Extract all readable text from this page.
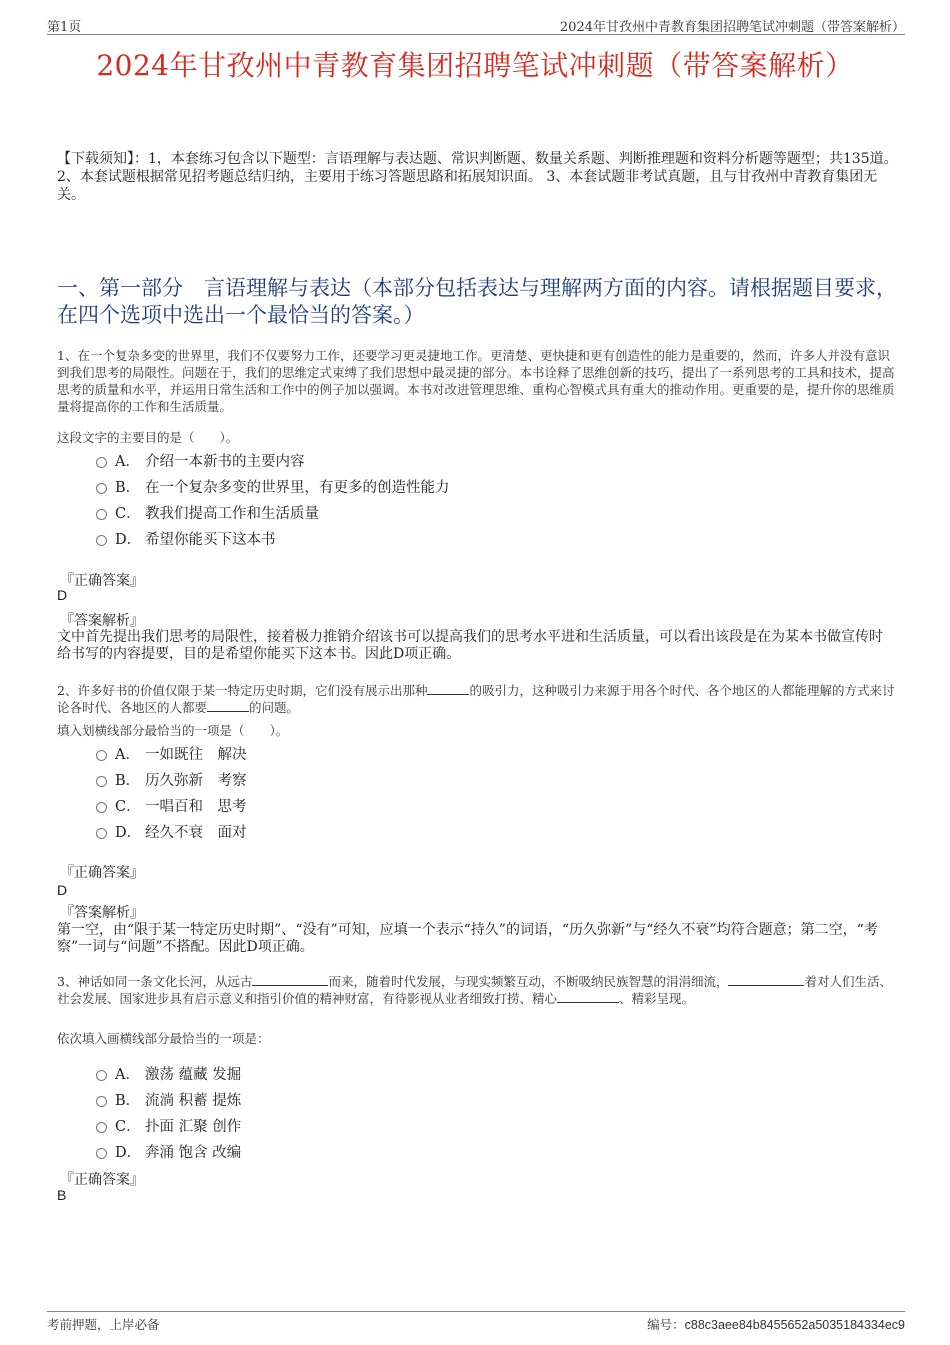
第1页	2024年甘孜州中青教育集团招聘笔试冲刺题（带答案解析）
2024年甘孜州中青教育集团招聘笔试冲刺题（带答案解析）
【下载须知】：1，本套练习包含以下题型：言语理解与表达题、常识判断题、数量关系题、判断推理题和资料分析题等题型；共135道。 2、本套试题根据常见招考题总结归纳，主要用于练习答题思路和拓展知识面。 3、本套试题非考试真题，且与甘孜州中青教育集团无关。
一、第一部分　言语理解与表达（本部分包括表达与理解两方面的内容。请根据题目要求，在四个选项中选出一个最恰当的答案。）
1、在一个复杂多变的世界里，我们不仅要努力工作，还要学习更灵捷地工作。更清楚、更快捷和更有创造性的能力是重要的，然而，许多人并没有意识到我们思考的局限性。问题在于，我们的思维定式束缚了我们思想中最灵捷的部分。本书诠释了思维创新的技巧，提出了一系列思考的工具和技术，提高思考的质量和水平，并运用日常生活和工作中的例子加以强调。本书对改进管理思维、重构心智模式具有重大的推动作用。更重要的是，提升你的思维质量将提高你的工作和生活质量。
这段文字的主要目的是（　　）。
A． 介绍一本新书的主要内容
B． 在一个复杂多变的世界里，有更多的创造性能力
C． 教我们提高工作和生活质量
D． 希望你能买下这本书
『正确答案』
D
『答案解析』
文中首先提出我们思考的局限性，接着极力推销介绍该书可以提高我们的思考水平进和生活质量，可以看出该段是在为某本书做宣传时给书写的内容提要，目的是希望你能买下这本书。因此D项正确。
2、许多好书的价值仅限于某一特定历史时期，它们没有展示出那种	的吸引力，这种吸引力来源于用各个时代、各个地区的人都能理解的方式来讨论各时代、各地区的人都要	的问题。
填入划横线部分最恰当的一项是（　　）。
A． 一如既往　解决
B． 历久弥新　考察
C． 一唱百和　思考
D． 经久不衰　面对
『正确答案』
D
『答案解析』
第一空，由“限于某一特定历史时期”、“没有”可知，应填一个表示“持久”的词语，“历久弥新”与“经久不衰”均符合题意；第二空，“考察”一词与“问题”不搭配。因此D项正确。
3、神话如同一条文化长河，从远古	而来，随着时代发展，与现实频繁互动，不断吸纳民族智慧的涓涓细流，	着对人们生活、社会发展、国家进步具有启示意义和指引价值的精神财富，有待影视从业者细致打捞、精心	、精彩呈现。
依次填入画横线部分最恰当的一项是：
A． 激荡 蕴藏 发掘
B． 流淌 积蓄 提炼
C． 扑面 汇聚 创作
D． 奔涌 饱含 改编
『正确答案』
B
考前押题，上岸必备	编号：c88c3aee84b8455652a5035184334ec9
